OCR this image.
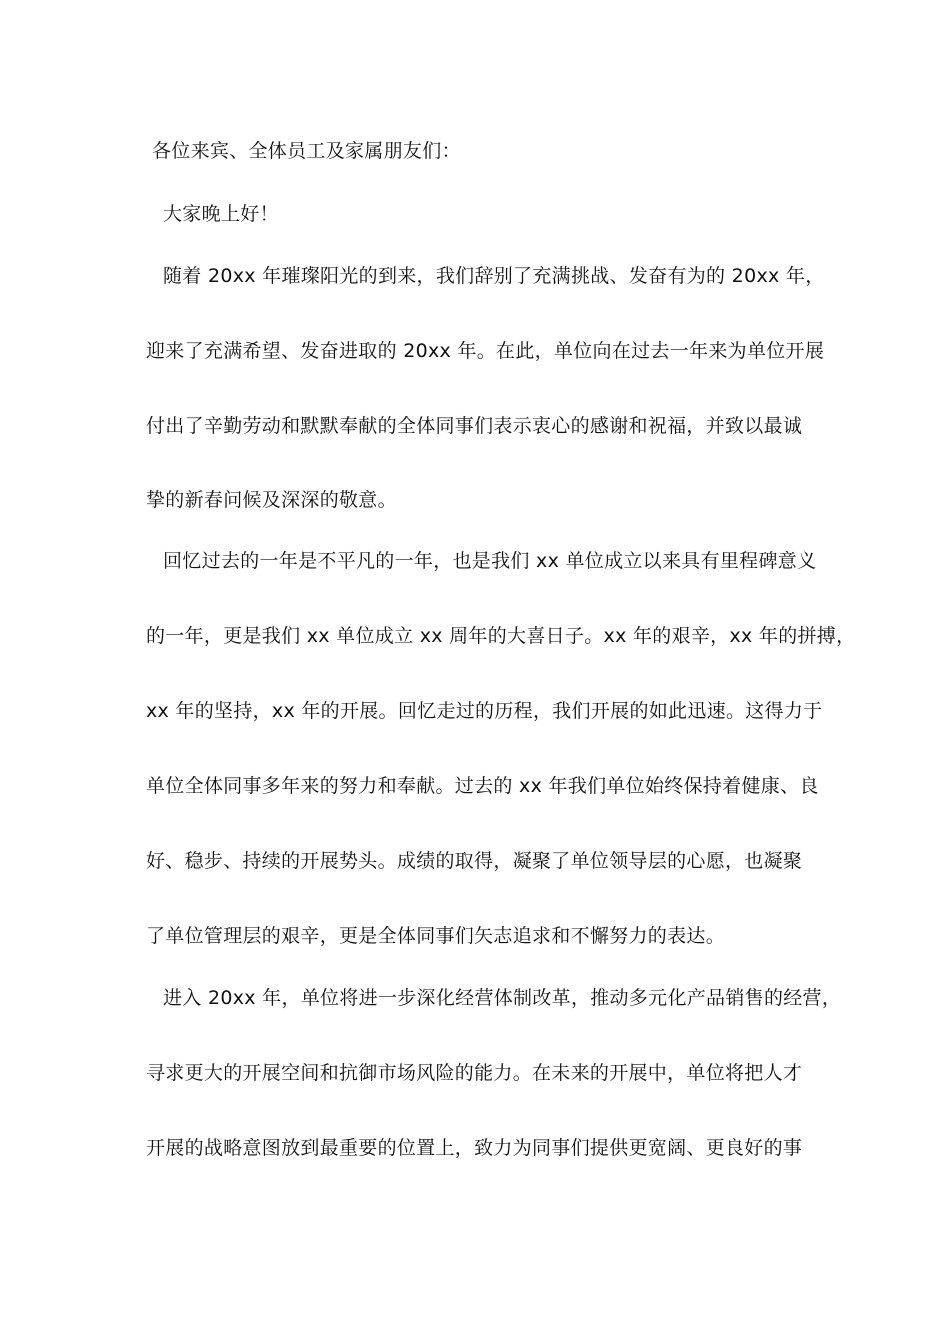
各位来宾、全体员工及家属朋友们：
大家晚上好！
随着 20xx 年璀璨阳光的到来，我们辞别了充满挑战、发奋有为的 20xx 年，
迎来了充满希望、发奋进取的 20xx 年。在此，单位向在过去一年来为单位开展
付出了辛勤劳动和默默奉献的全体同事们表示衷心的感谢和祝福，并致以最诚
挚的新春问候及深深的敬意。
回忆过去的一年是不平凡的一年，也是我们 xx 单位成立以来具有里程碑意义
的一年，更是我们 xx 单位成立 xx 周年的大喜日子。xx 年的艰辛，xx 年的拼搏，
xx 年的坚持，xx 年的开展。回忆走过的历程，我们开展的如此迅速。这得力于
单位全体同事多年来的努力和奉献。过去的 xx 年我们单位始终保持着健康、良
好、稳步、持续的开展势头。成绩的取得，凝聚了单位领导层的心愿，也凝聚
了单位管理层的艰辛，更是全体同事们矢志追求和不懈努力的表达。
进入 20xx 年，单位将进一步深化经营体制改革，推动多元化产品销售的经营，
寻求更大的开展空间和抗御市场风险的能力。在未来的开展中，单位将把人才
开展的战略意图放到最重要的位置上，致力为同事们提供更宽阔、更良好的事
